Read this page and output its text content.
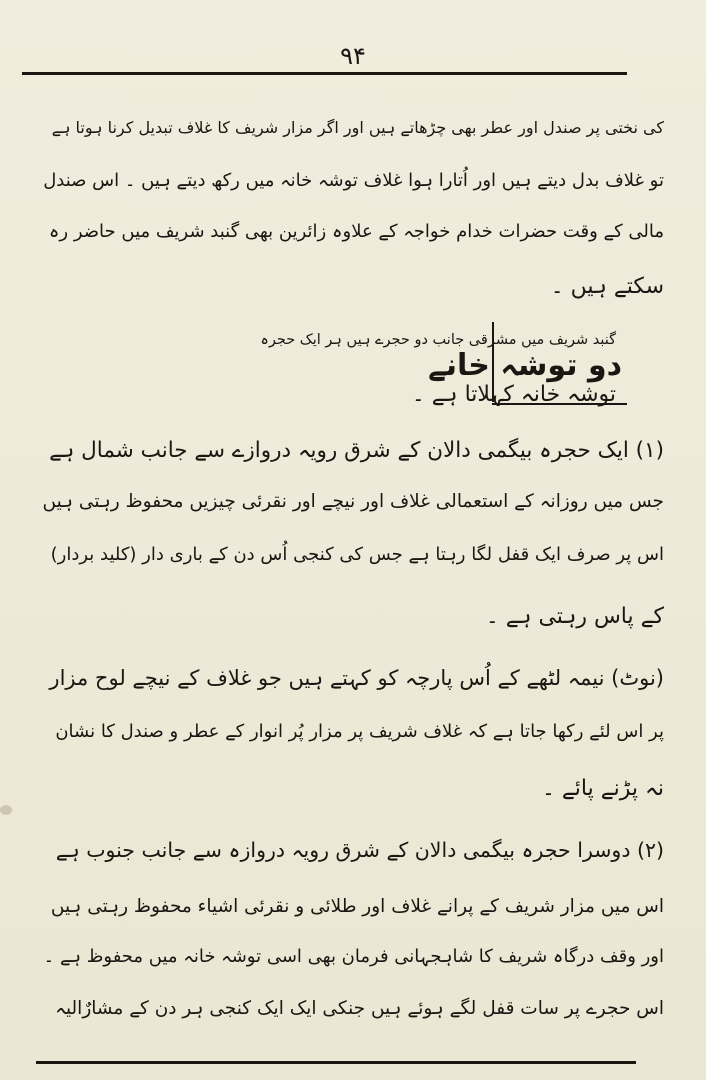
۹۴
کی نختی پر صندل اور عطر بھی چڑھاتے ہیں اور اگر مزار شریف کا غلاف تبدیل کرنا ہوتا ہے
تو غلاف بدل دیتے ہیں اور اُتارا ہوا غلاف توشہ خانہ میں رکھ دیتے ہیں ۔ اس صندل
مالی کے وقت حضرات خدام خواجہ کے علاوہ زائرین بھی گنبد شریف میں حاضر رہ
سکتے ہیں ۔
دو توشہ خانے
گنبد شریف میں مشرقی جانب دو حجرے ہیں ہر ایک حجرہ
توشہ خانہ کہلاتا ہے ۔
(۱) ایک حجرہ بیگمی دالان کے شرق رویہ دروازے سے جانب شمال ہے
جس میں روزانہ کے استعمالی غلاف اور نیچے اور نقرئی چیزیں محفوظ رہتی ہیں
اس پر صرف ایک قفل لگا رہتا ہے جس کی کنجی اُس دن کے باری دار (کلید بردار)
کے پاس رہتی ہے ۔
(نوٹ) نیمہ لٹھے کے اُس پارچہ کو کہتے ہیں جو غلاف کے نیچے لوح مزار
پر اس لئے رکھا جاتا ہے کہ غلاف شریف پر مزار پُر انوار کے عطر و صندل کا نشان
نہ پڑنے پائے ۔
(۲) دوسرا حجرہ بیگمی دالان کے شرق رویہ دروازہ سے جانب جنوب ہے
اس میں مزار شریف کے پرانے غلاف اور طلائی و نقرئی اشیاء محفوظ رہتی ہیں
اور وقف درگاہ شریف کا شاہجہانی فرمان بھی اسی توشہ خانہ میں محفوظ ہے ۔
اس حجرے پر سات قفل لگے ہوئے ہیں جنکی ایک ایک کنجی ہر دن کے مشارٌالیہ
